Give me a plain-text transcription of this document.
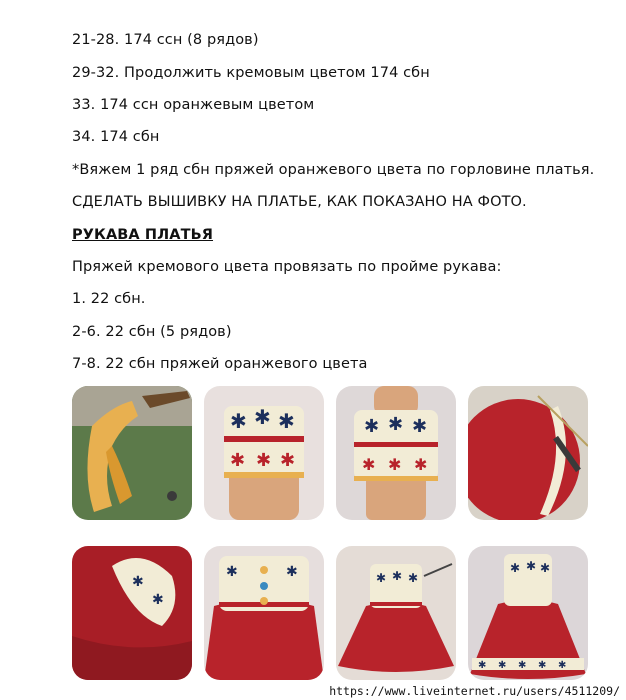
21-28. 174 ссн (8 рядов)
29-32. Продолжить кремовым цветом 174 сбн
33. 174 ссн оранжевым цветом
34. 174 сбн
*Вяжем 1 ряд сбн пряжей оранжевого цвета по горловине платья.
СДЕЛАТЬ ВЫШИВКУ НА ПЛАТЬЕ, КАК ПОКАЗАНО НА ФОТО.
РУКАВА ПЛАТЬЯ
Пряжей кремового цвета провязать по пройме рукава:
1. 22 сбн.
2-6. 22 сбн (5 рядов)
7-8. 22 сбн пряжей оранжевого цвета
✱ ✱ ✱
✱ ✱ ✱
✱ ✱ ✱
✱ ✱ ✱
✱
✱
✱	✱	✱ ✱ ✱
✱ ✱ ✱
✱ ✱ ✱ ✱ ✱
https://www.liveinternet.ru/users/4511209/
